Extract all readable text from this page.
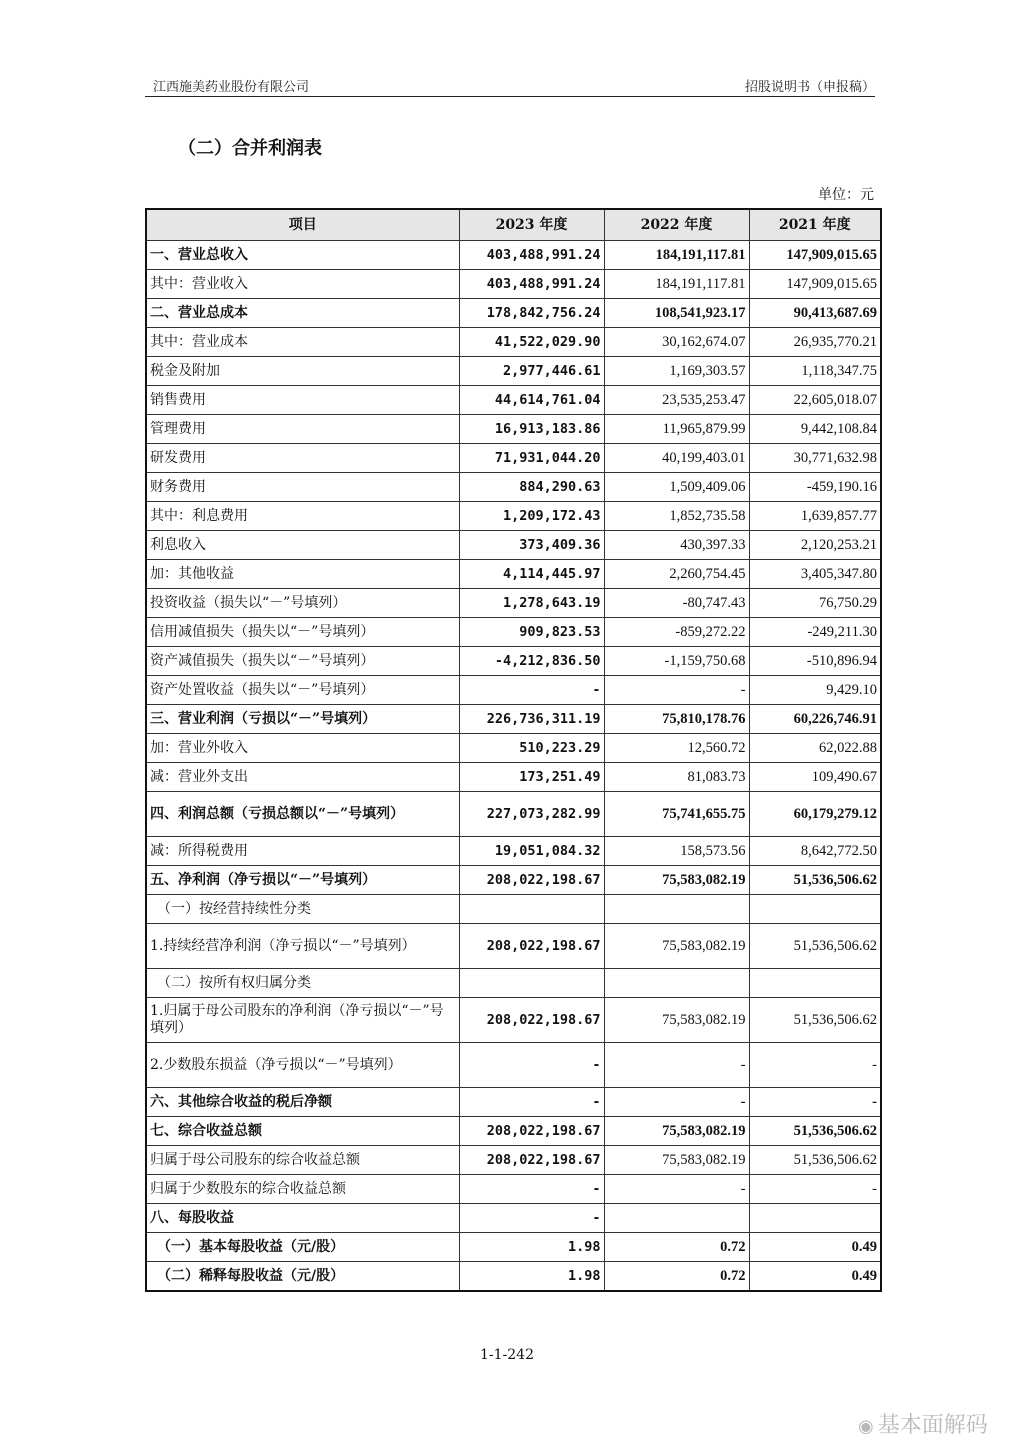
江西施美药业股份有限公司	招股说明书（申报稿）
（二）合并利润表
单位：元
项目	2023 年度	2022 年度	2021 年度
一、营业总收入	403,488,991.24	184,191,117.81	147,909,015.65
其中：营业收入	403,488,991.24	184,191,117.81	147,909,015.65
二、营业总成本	178,842,756.24	108,541,923.17	90,413,687.69
其中：营业成本	41,522,029.90	30,162,674.07	26,935,770.21
税金及附加	2,977,446.61	1,169,303.57	1,118,347.75
销售费用	44,614,761.04	23,535,253.47	22,605,018.07
管理费用	16,913,183.86	11,965,879.99	9,442,108.84
研发费用	71,931,044.20	40,199,403.01	30,771,632.98
财务费用	884,290.63	1,509,409.06	-459,190.16
其中：利息费用	1,209,172.43	1,852,735.58	1,639,857.77
利息收入	373,409.36	430,397.33	2,120,253.21
加：其他收益	4,114,445.97	2,260,754.45	3,405,347.80
投资收益（损失以“－”号填列）	1,278,643.19	-80,747.43	76,750.29
信用减值损失（损失以“－”号填列）	909,823.53	-859,272.22	-249,211.30
资产减值损失（损失以“－”号填列）	-4,212,836.50	-1,159,750.68	-510,896.94
资产处置收益（损失以“－”号填列）	-	-	9,429.10
三、营业利润（亏损以“－”号填列）	226,736,311.19	75,810,178.76	60,226,746.91
加：营业外收入	510,223.29	12,560.72	62,022.88
减：营业外支出	173,251.49	81,083.73	109,490.67
四、利润总额（亏损总额以“－”号填列）	227,073,282.99	75,741,655.75	60,179,279.12
减：所得税费用	19,051,084.32	158,573.56	8,642,772.50
五、净利润（净亏损以“－”号填列）	208,022,198.67	75,583,082.19	51,536,506.62
（一）按经营持续性分类			
1.持续经营净利润（净亏损以“－”号填列）	208,022,198.67	75,583,082.19	51,536,506.62
（二）按所有权归属分类			
1.归属于母公司股东的净利润（净亏损以“－”号填列）	208,022,198.67	75,583,082.19	51,536,506.62
2.少数股东损益（净亏损以“－”号填列）	-	-	-
六、其他综合收益的税后净额	-	-	-
七、综合收益总额	208,022,198.67	75,583,082.19	51,536,506.62
归属于母公司股东的综合收益总额	208,022,198.67	75,583,082.19	51,536,506.62
归属于少数股东的综合收益总额	-	-	-
八、每股收益	-		
（一）基本每股收益（元/股）	1.98	0.72	0.49
（二）稀释每股收益（元/股）	1.98	0.72	0.49
1-1-242
◉ 基本面解码
